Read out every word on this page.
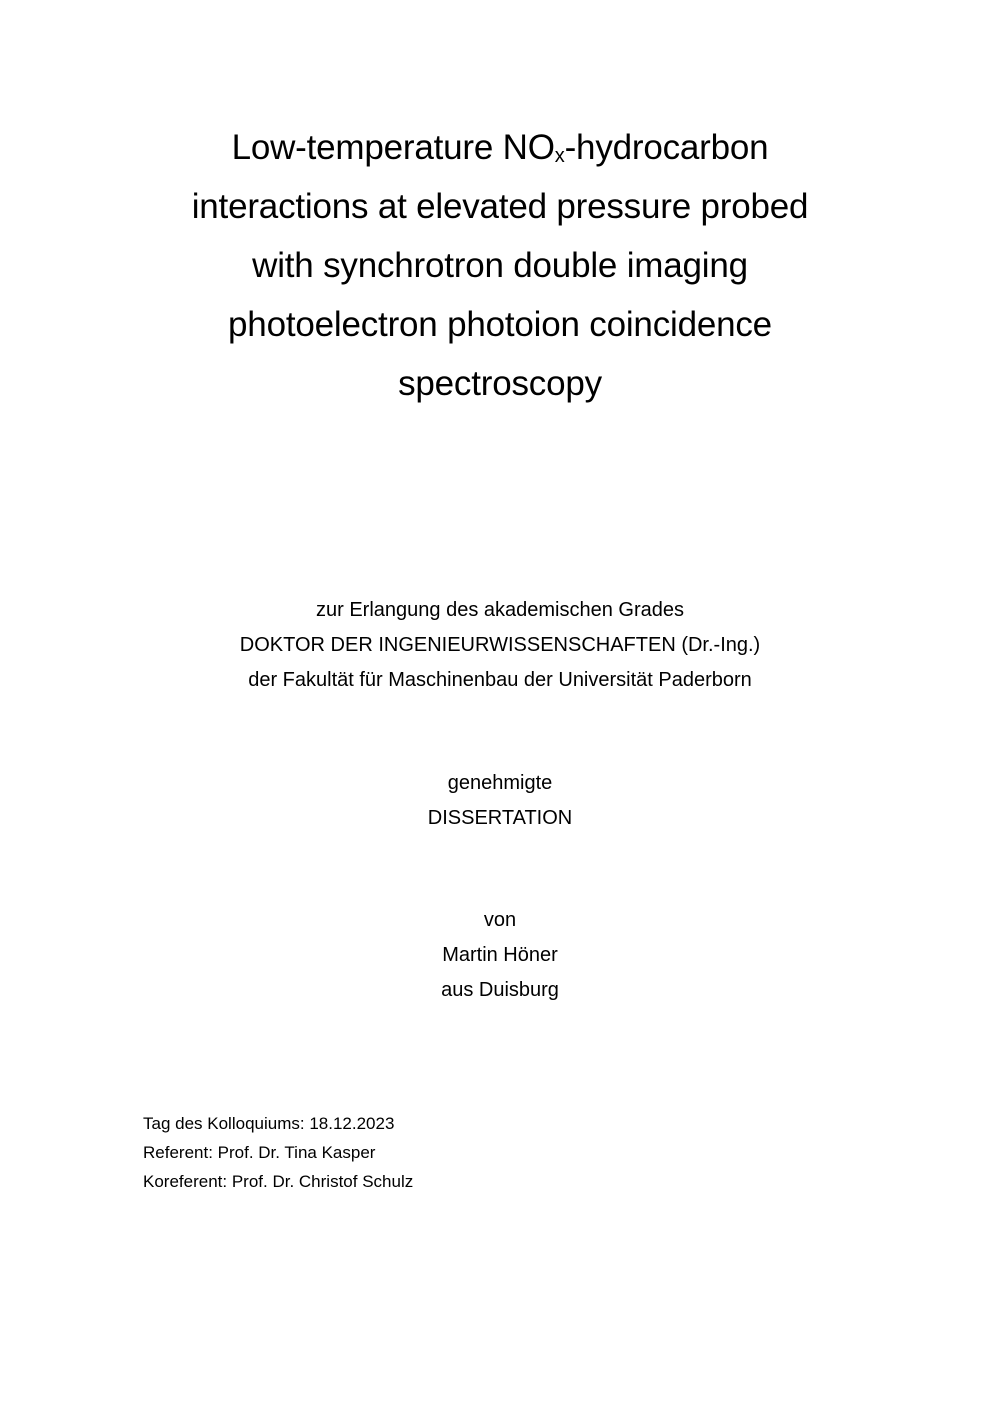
Low-temperature $NO_x$-hydrocarbon
interactions at elevated pressure probed
with synchrotron double imaging
photoelectron photoion coincidence
spectroscopy
zur Erlangung des akademischen Grades
DOKTOR DER INGENIEURWISSENSCHAFTEN (Dr.-Ing.)
der Fakultät für Maschinenbau der Universität Paderborn
genehmigte
DISSERTATION
von
Martin Höner
aus Duisburg
Tag des Kolloquiums: 18.12.2023
Referent: Prof. Dr. Tina Kasper
Koreferent: Prof. Dr. Christof Schulz
